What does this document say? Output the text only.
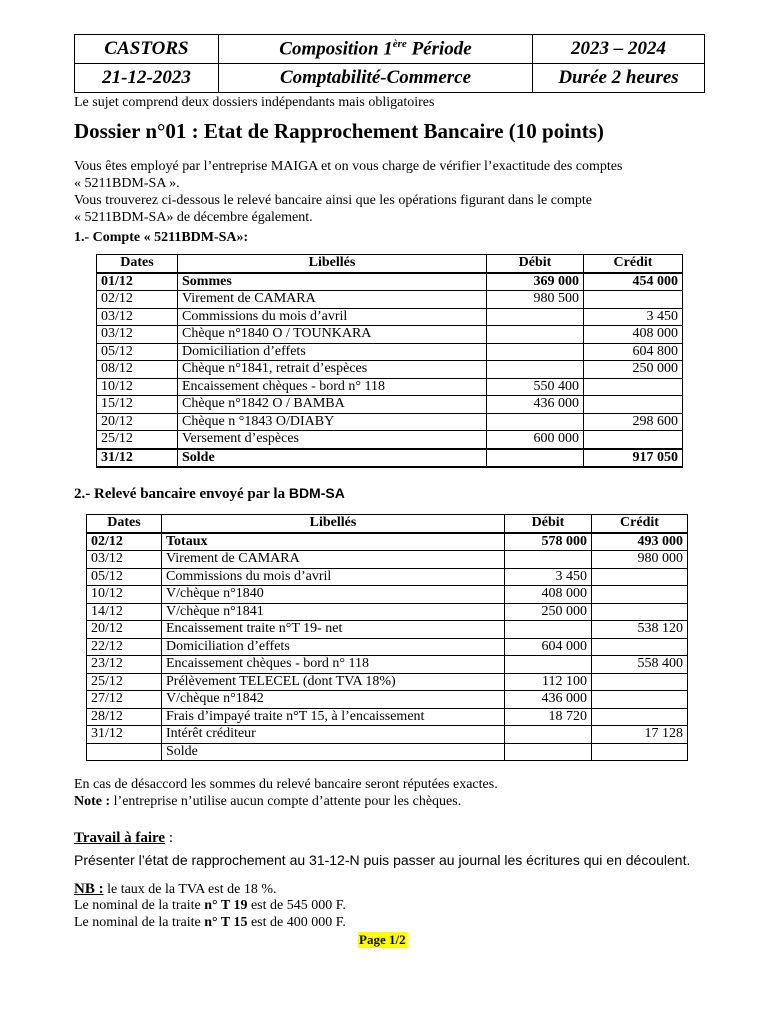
CASTORS	Composition 1ère Période	2023 – 2024
21-12-2023	Comptabilité-Commerce	Durée 2 heures
Le sujet comprend deux dossiers indépendants mais obligatoires
Dossier n°01 : Etat de Rapprochement Bancaire (10 points)

Vous êtes employé par l’entreprise MAIGA et on vous charge de vérifier l’exactitude des comptes

« 5211BDM-SA ».

Vous trouverez ci-dessous le relevé bancaire ainsi que les opérations figurant dans le compte

« 5211BDM-SA» de décembre également.

1.- Compte « 5211BDM-SA»:
Dates	Libellés	Débit	Crédit
01/12	Sommes	369 000	454 000
02/12	Virement de CAMARA	980 500	
03/12	Commissions du mois d’avril		3 450
03/12	Chèque n°1840 O / TOUNKARA		408 000
05/12	Domiciliation d’effets		604 800
08/12	Chèque n°1841, retrait d’espèces		250 000
10/12	Encaissement chèques - bord n° 118	550 400	
15/12	Chèque n°1842 O / BAMBA	436 000	
20/12	Chèque n °1843 O/DIABY		298 600
25/12	Versement d’espèces	600 000	
31/12	Solde		917 050
2.- Relevé bancaire envoyé par la BDM-SA
Dates	Libellés	Débit	Crédit
02/12	Totaux	578 000	493 000
03/12	Virement de CAMARA		980 000
05/12	Commissions du mois d’avril	3 450	
10/12	V/chèque n°1840	408 000	
14/12	V/chèque n°1841	250 000	
20/12	Encaissement traite n°T 19- net		538 120
22/12	Domiciliation d’effets	604 000	
23/12	Encaissement chèques - bord n° 118		558 400
25/12	Prélèvement TELECEL (dont TVA 18%)	112 100	
27/12	V/chèque n°1842	436 000	
28/12	Frais d’impayé traite n°T 15, à l’encaissement	18 720	
31/12	Intérêt créditeur		17 128
	Solde		
En cas de désaccord les sommes du relevé bancaire seront réputées exactes.
Note : l’entreprise n’utilise aucun compte d’attente pour les chèques.
Travail à faire :
Présenter l’état de rapprochement au 31-12-N puis passer au journal les écritures qui en découlent.
NB : le taux de la TVA est de 18 %.
Le nominal de la traite n° T 19 est de 545 000 F.
Le nominal de la traite n° T 15 est de 400 000 F.
Page 1/2
